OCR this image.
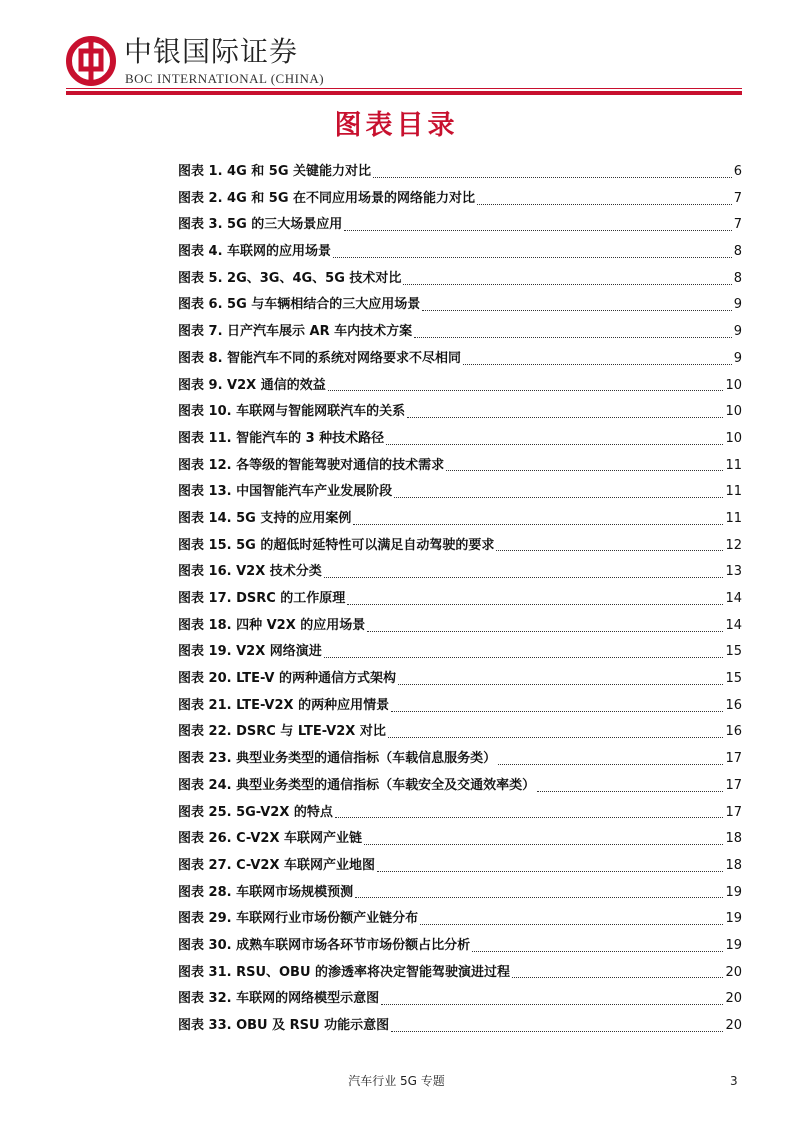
中银国际证券
BOC INTERNATIONAL (CHINA)
图表目录
图表 1. 4G 和 5G 关键能力对比	6
图表 2. 4G 和 5G 在不同应用场景的网络能力对比	7
图表 3. 5G 的三大场景应用	7
图表 4. 车联网的应用场景	8
图表 5. 2G、3G、4G、5G 技术对比	8
图表 6. 5G 与车辆相结合的三大应用场景	9
图表 7. 日产汽车展示 AR 车内技术方案	9
图表 8. 智能汽车不同的系统对网络要求不尽相同	9
图表 9. V2X 通信的效益	10
图表 10. 车联网与智能网联汽车的关系	10
图表 11. 智能汽车的 3 种技术路径	10
图表 12. 各等级的智能驾驶对通信的技术需求	11
图表 13. 中国智能汽车产业发展阶段	11
图表 14. 5G 支持的应用案例	11
图表 15. 5G 的超低时延特性可以满足自动驾驶的要求	12
图表 16. V2X 技术分类	13
图表 17. DSRC 的工作原理	14
图表 18. 四种 V2X 的应用场景	14
图表 19. V2X 网络演进	15
图表 20. LTE-V 的两种通信方式架构	15
图表 21. LTE-V2X 的两种应用情景	16
图表 22. DSRC 与 LTE-V2X 对比	16
图表 23. 典型业务类型的通信指标（车载信息服务类）	17
图表 24. 典型业务类型的通信指标（车载安全及交通效率类）	17
图表 25. 5G-V2X 的特点	17
图表 26. C-V2X 车联网产业链	18
图表 27. C-V2X 车联网产业地图	18
图表 28. 车联网市场规模预测	19
图表 29. 车联网行业市场份额产业链分布	19
图表 30. 成熟车联网市场各环节市场份额占比分析	19
图表 31. RSU、OBU 的渗透率将决定智能驾驶演进过程	20
图表 32. 车联网的网络模型示意图	20
图表 33. OBU 及 RSU 功能示意图	20
汽车行业 5G 专题	3
